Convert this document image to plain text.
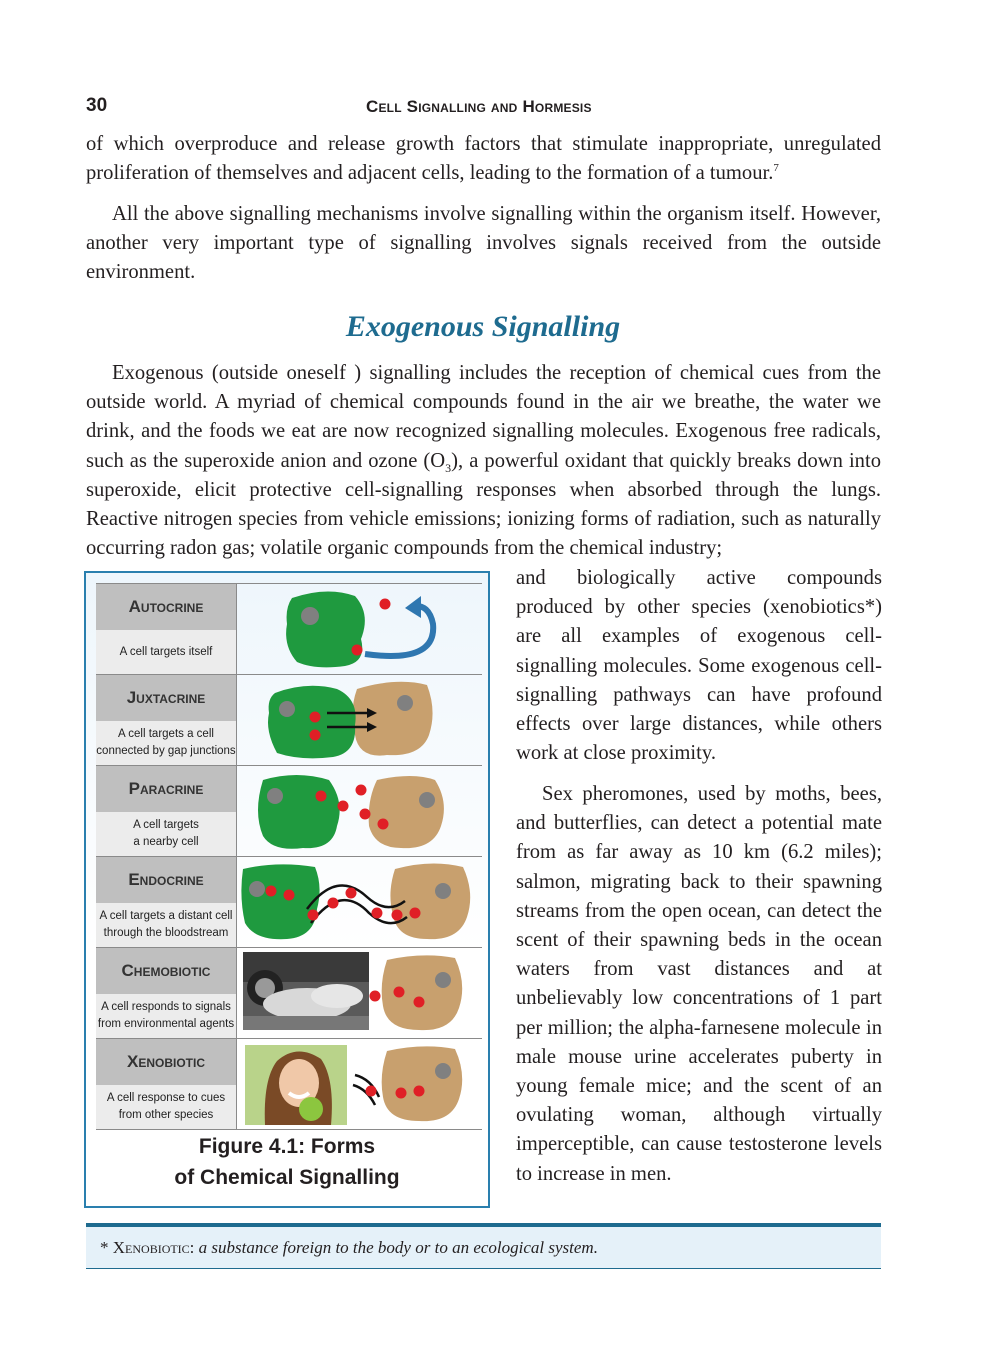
30	Cell Signalling and Hormesis

of which overproduce and release growth factors that stimulate inappropriate, unregulated proliferation of themselves and adjacent cells, leading to the formation of a tumour.$^7$

All the above signalling mechanisms involve signalling within the organism itself. However, another very important type of signalling involves signals received from the outside environment.

Exogenous Signalling

Exogenous (outside oneself ) signalling includes the reception of chemical cues from the outside world. A myriad of chemical compounds found in the air we breathe, the water we drink, and the foods we eat are now recognized signalling molecules. Exogenous free radicals, such as the superoxide anion and ozone $(O_3)$, a powerful oxidant that quickly breaks down into superoxide, elicit protective cell-signalling responses when absorbed through the lungs. Reactive nitrogen species from vehicle emissions; ionizing forms of radiation, such as naturally occurring radon gas; volatile organic compounds from the chemical industry;

and biologically active compounds produced by other species (xenobiotics*) are all examples of exogenous cell-signalling molecules. Some exogenous cell-signalling pathways can have profound effects over large distances, while others work at close proximity.

Sex pheromones, used by moths, bees, and butterflies, can detect a potential mate from as far away as 10 km (6.2 miles); salmon, migrating back to their spawning streams from the open ocean, can detect the scent of their spawning beds in the ocean waters from vast distances and at unbelievably low concentrations of 1 part per million; the alpha-farnesene molecule in male mouse urine accelerates puberty in young female mice; and the scent of an ovulating woman, although virtually imperceptible, can cause testosterone levels to increase in men.

Autocrine
A cell targets itself
Juxtacrine
A cell targets a cell
connected by gap junctions
Paracrine
A cell targets
a nearby cell
Endocrine
A cell targets a distant cell
through the bloodstream
Chemobiotic
A cell responds to signals
from environmental agents
Xenobiotic
A cell response to cues
from other species
Figure 4.1: Forms
of Chemical Signalling
* Xenobiotic: a substance foreign to the body or to an ecological system.
